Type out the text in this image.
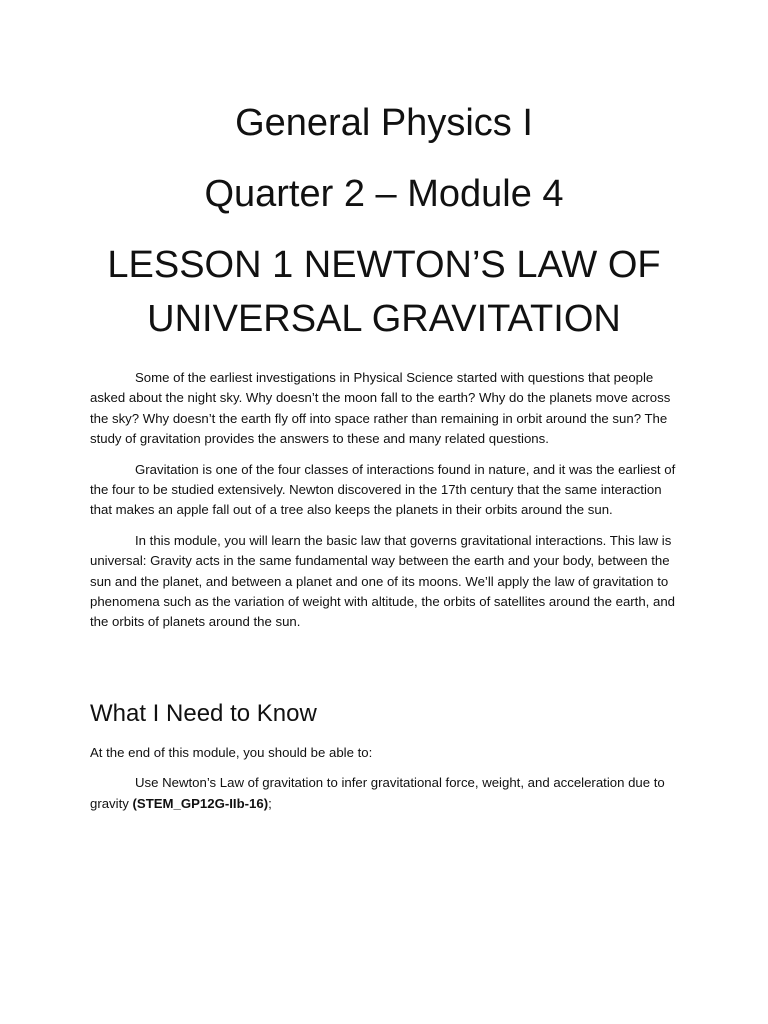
General Physics I
Quarter 2 – Module 4
LESSON 1 NEWTON’S LAW OF
UNIVERSAL GRAVITATION

Some of the earliest investigations in Physical Science started with questions that people asked about the night sky. Why doesn’t the moon fall to the earth? Why do the planets move across the sky? Why doesn’t the earth fly off into space rather than remaining in orbit around the sun? The study of gravitation provides the answers to these and many related questions.

Gravitation is one of the four classes of interactions found in nature, and it was the earliest of the four to be studied extensively. Newton discovered in the 17th century that the same interaction that makes an apple fall out of a tree also keeps the planets in their orbits around the sun.

In this module, you will learn the basic law that governs gravitational interactions. This law is universal: Gravity acts in the same fundamental way between the earth and your body, between the sun and the planet, and between a planet and one of its moons. We’ll apply the law of gravitation to phenomena such as the variation of weight with altitude, the orbits of satellites around the earth, and the orbits of planets around the sun.

What I Need to Know

At the end of this module, you should be able to:

Use Newton’s Law of gravitation to infer gravitational force, weight, and acceleration due to gravity (STEM_GP12G-IIb-16);
